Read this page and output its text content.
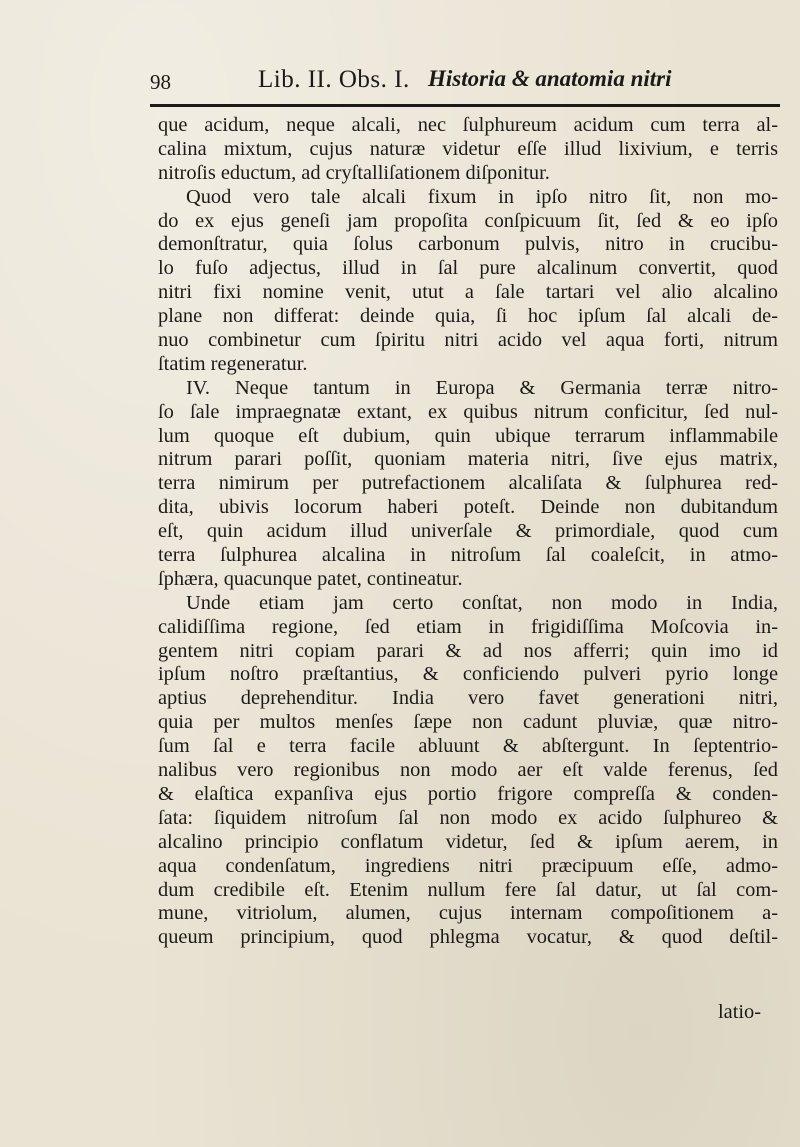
98	Lib. II. Obs. I. Historia & anatomia nitri
que acidum, neque alcali, nec ſulphureum acidum cum terra al-
calina mixtum, cujus naturæ videtur eſſe illud lixivium, e terris
nitroſis eductum, ad cryſtalliſationem diſponitur.
Quod vero tale alcali fixum in ipſo nitro ſit, non mo-
do ex ejus geneſi jam propoſita conſpicuum ſit, ſed & eo ipſo
demonſtratur, quia ſolus carbonum pulvis, nitro in crucibu-
lo fuſo adjectus, illud in ſal pure alcalinum convertit, quod
nitri fixi nomine venit, utut a ſale tartari vel alio alcalino
plane non differat: deinde quia, ſi hoc ipſum ſal alcali de-
nuo combinetur cum ſpiritu nitri acido vel aqua forti, nitrum
ſtatim regeneratur.
IV. Neque tantum in Europa & Germania terræ nitro-
ſo ſale impraegnatæ extant, ex quibus nitrum conficitur, ſed nul-
lum quoque eſt dubium, quin ubique terrarum inflammabile
nitrum parari poſſit, quoniam materia nitri, ſive ejus matrix,
terra nimirum per putrefactionem alcaliſata & ſulphurea red-
dita, ubivis locorum haberi poteſt. Deinde non dubitandum
eſt, quin acidum illud univerſale & primordiale, quod cum
terra ſulphurea alcalina in nitroſum ſal coaleſcit, in atmo-
ſphæra, quacunque patet, contineatur.
Unde etiam jam certo conſtat, non modo in India,
calidiſſima regione, ſed etiam in frigidiſſima Moſcovia in-
gentem nitri copiam parari & ad nos afferri; quin imo id
ipſum noſtro præſtantius, & conficiendo pulveri pyrio longe
aptius deprehenditur. India vero favet generationi nitri,
quia per multos menſes ſæpe non cadunt pluviæ, quæ nitro-
ſum ſal e terra facile abluunt & abſtergunt. In ſeptentrio-
nalibus vero regionibus non modo aer eſt valde ferenus, ſed
& elaſtica expanſiva ejus portio frigore compreſſa & conden-
ſata: ſiquidem nitroſum ſal non modo ex acido ſulphureo &
alcalino principio conflatum videtur, ſed & ipſum aerem, in
aqua condenſatum, ingrediens nitri præcipuum eſſe, admo-
dum credibile eſt. Etenim nullum fere ſal datur, ut ſal com-
mune, vitriolum, alumen, cujus internam compoſitionem a-
queum principium, quod phlegma vocatur, & quod deſtil-
latio-
